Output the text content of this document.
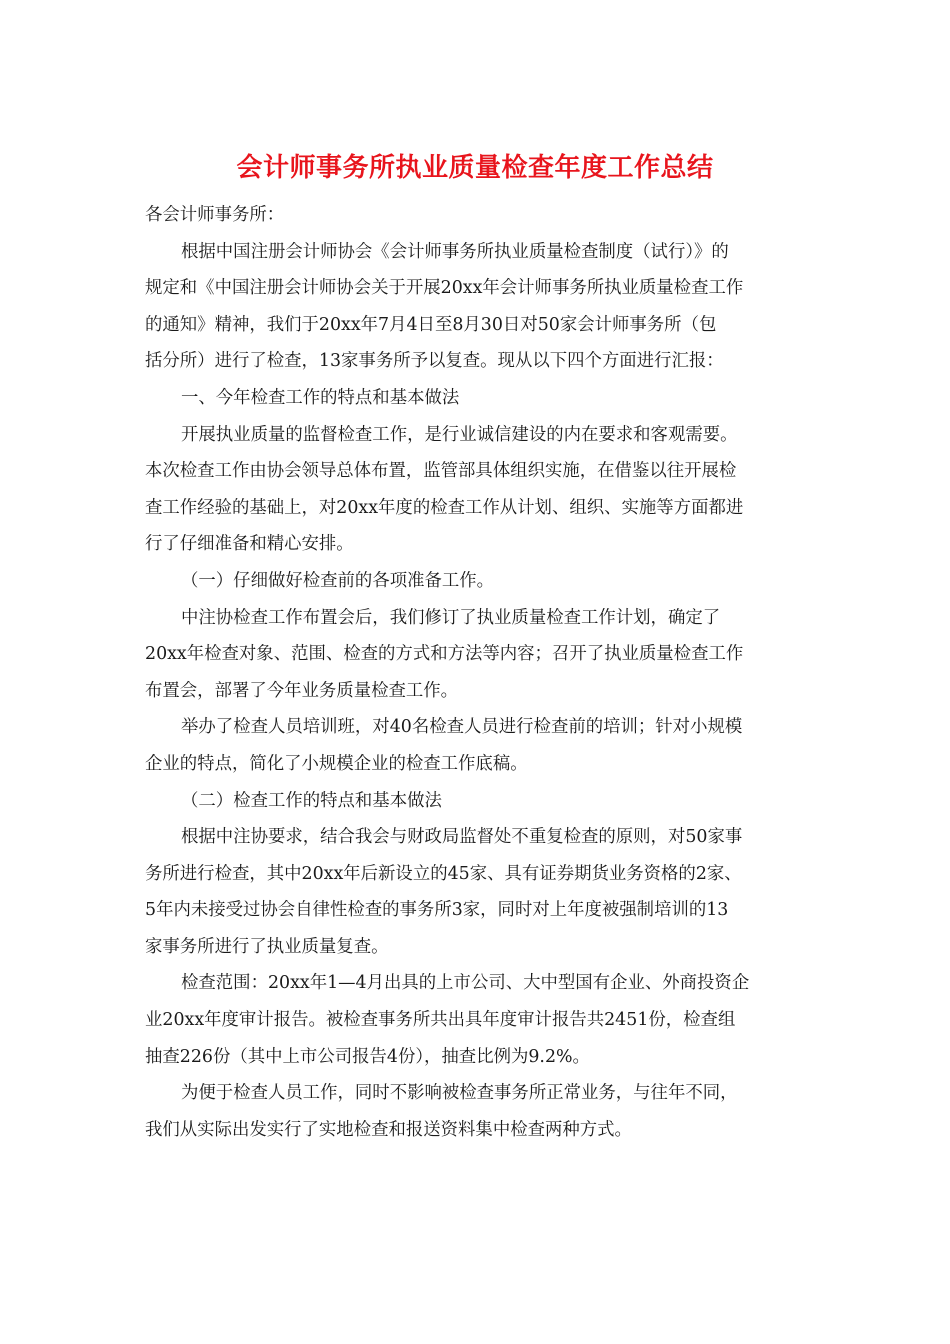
会计师事务所执业质量检查年度工作总结
各会计师事务所：
根据中国注册会计师协会《会计师事务所执业质量检查制度（试行）》的
规定和《中国注册会计师协会关于开展20xx年会计师事务所执业质量检查工作
的通知》精神，我们于20xx年7月4日至8月30日对50家会计师事务所（包
括分所）进行了检查，13家事务所予以复查。现从以下四个方面进行汇报：
一、今年检查工作的特点和基本做法
开展执业质量的监督检查工作，是行业诚信建设的内在要求和客观需要。
本次检查工作由协会领导总体布置，监管部具体组织实施，在借鉴以往开展检
查工作经验的基础上，对20xx年度的检查工作从计划、组织、实施等方面都进
行了仔细准备和精心安排。
（一）仔细做好检查前的各项准备工作。
中注协检查工作布置会后，我们修订了执业质量检查工作计划，确定了
20xx年检查对象、范围、检查的方式和方法等内容；召开了执业质量检查工作
布置会，部署了今年业务质量检查工作。
举办了检查人员培训班，对40名检查人员进行检查前的培训；针对小规模
企业的特点，简化了小规模企业的检查工作底稿。
（二）检查工作的特点和基本做法
根据中注协要求，结合我会与财政局监督处不重复检查的原则，对50家事
务所进行检查，其中20xx年后新设立的45家、具有证券期货业务资格的2家、
5年内未接受过协会自律性检查的事务所3家，同时对上年度被强制培训的13
家事务所进行了执业质量复查。
检查范围：20xx年1—4月出具的上市公司、大中型国有企业、外商投资企
业20xx年度审计报告。被检查事务所共出具年度审计报告共2451份，检查组
抽查226份（其中上市公司报告4份），抽查比例为9.2%。
为便于检查人员工作，同时不影响被检查事务所正常业务，与往年不同，
我们从实际出发实行了实地检查和报送资料集中检查两种方式。
